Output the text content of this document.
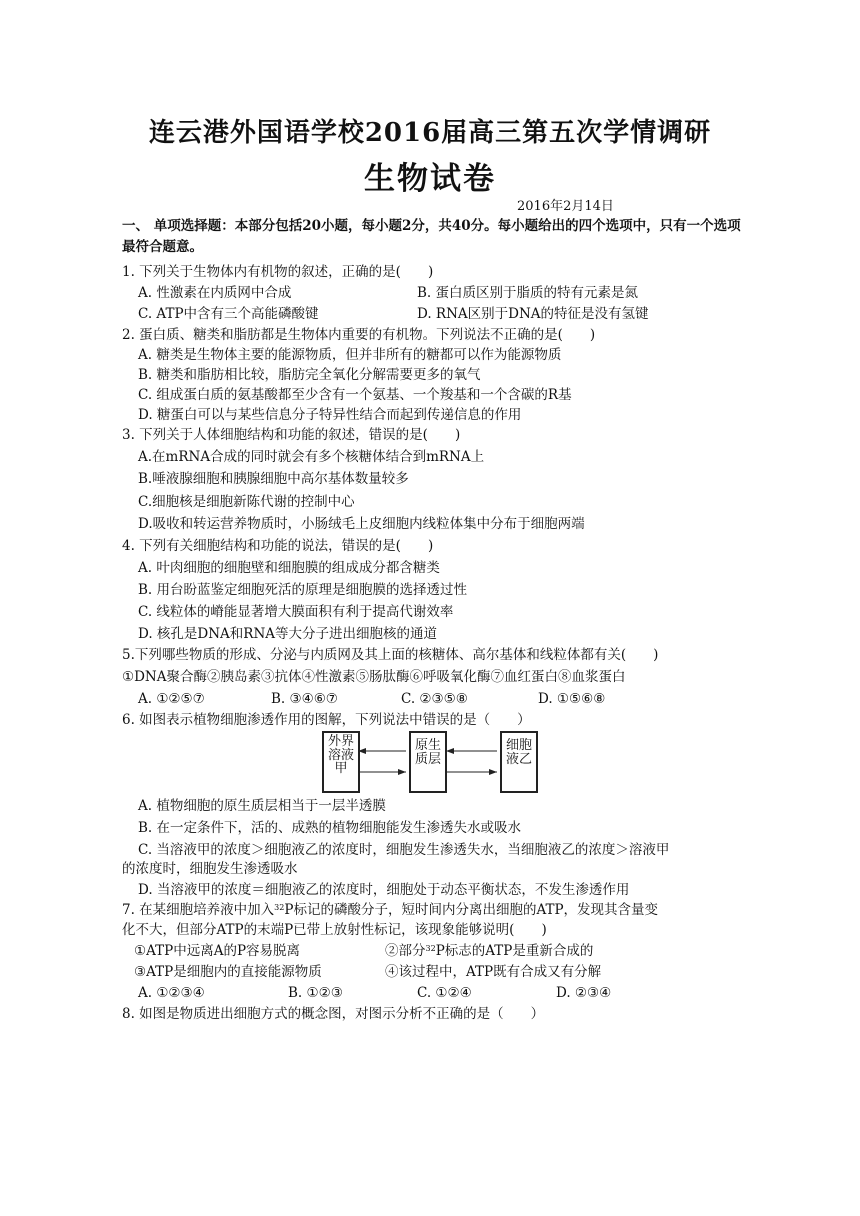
连云港外国语学校2016届高三第五次学情调研
生物试卷
2016年2月14日
一、 单项选择题：本部分包括20小题，每小题2分，共40分。每小题给出的四个选项中，只有一个选项最符合题意。
1. 下列关于生物体内有机物的叙述，正确的是(　　)
A. 性激素在内质网中合成	B. 蛋白质区别于脂质的特有元素是氮
C. ATP中含有三个高能磷酸键	D. RNA区别于DNA的特征是没有氢键
2. 蛋白质、糖类和脂肪都是生物体内重要的有机物。下列说法不正确的是(　　)
A. 糖类是生物体主要的能源物质，但并非所有的糖都可以作为能源物质
B. 糖类和脂肪相比较，脂肪完全氧化分解需要更多的氧气
C. 组成蛋白质的氨基酸都至少含有一个氨基、一个羧基和一个含碳的R基
D. 糖蛋白可以与某些信息分子特异性结合而起到传递信息的作用
3. 下列关于人体细胞结构和功能的叙述，错误的是(　　)
A.在mRNA合成的同时就会有多个核糖体结合到mRNA上
B.唾液腺细胞和胰腺细胞中高尔基体数量较多
C.细胞核是细胞新陈代谢的控制中心
D.吸收和转运营养物质时，小肠绒毛上皮细胞内线粒体集中分布于细胞两端
4. 下列有关细胞结构和功能的说法，错误的是(　　)
A. 叶肉细胞的细胞壁和细胞膜的组成成分都含糖类
B. 用台盼蓝鉴定细胞死活的原理是细胞膜的选择透过性
C. 线粒体的嵴能显著增大膜面积有利于提高代谢效率
D. 核孔是DNA和RNA等大分子进出细胞核的通道
5.下列哪些物质的形成、分泌与内质网及其上面的核糖体、高尔基体和线粒体都有关(　　)
①DNA聚合酶②胰岛素③抗体④性激素⑤肠肽酶⑥呼吸氧化酶⑦血红蛋白⑧血浆蛋白
A. ①②⑤⑦	B. ③④⑥⑦	C. ②③⑤⑧	D. ①⑤⑥⑧
6. 如图表示植物细胞渗透作用的图解，下列说法中错误的是（　　）
外界溶液甲
原生质层
细胞液乙
A. 植物细胞的原生质层相当于一层半透膜
B. 在一定条件下，活的、成熟的植物细胞能发生渗透失水或吸水
C. 当溶液甲的浓度＞细胞液乙的浓度时，细胞发生渗透失水，当细胞液乙的浓度＞溶液甲
的浓度时，细胞发生渗透吸水
D. 当溶液甲的浓度＝细胞液乙的浓度时，细胞处于动态平衡状态，不发生渗透作用
7. 在某细胞培养液中加入$^{32}$P标记的磷酸分子，短时间内分离出细胞的ATP，发现其含量变
化不大，但部分ATP的末端P已带上放射性标记，该现象能够说明(　　)
①ATP中远离A的P容易脱离	②部分$^{32}$P标志的ATP是重新合成的
③ATP是细胞内的直接能源物质	④该过程中，ATP既有合成又有分解
A. ①②③④	B. ①②③	C. ①②④	D. ②③④
8. 如图是物质进出细胞方式的概念图，对图示分析不正确的是（　　）
